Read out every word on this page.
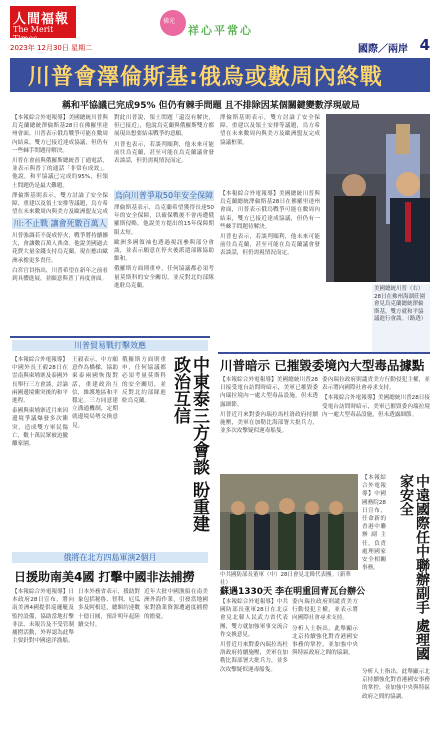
人間福報
The Merit Times
2023年 12月30日 星期二
佛光
祥心平常心
國際／兩岸 4
川普會澤倫斯基:俄烏或數周內終戰
稱和平協議已完成95% 但仍有棘手問題 且不排除因某個關鍵變數浮現破局

【本報綜合外電報導】美國總統川普與烏克蘭總統澤倫斯基28日在佛羅里達州會面，川普表示俄烏戰爭可能在數周內結束，雙方已接近達成協議，但仍有一些棘手問題待解決。

川普在會前與俄羅斯總統普丁通電話，並表示與普丁的通話「非常有成效」。他說，和平協議已完成約95%，但領土問題仍是最大難題。

澤倫斯基則表示，雙方討論了安全保障、重建以及領土安排等議題，烏方希望在未來數周內與美方及歐洲盟友完成

對此川普說，領土問題「還沒有解決，但已接近」，他說烏克蘭與俄羅斯雙方都展現出想要結束戰爭的意願。

川普也表示，若談判順利，他未來可能前往烏克蘭，甚至可能在烏克蘭議會發表談話，但仍需視情況而定。

澤倫斯基則表示，雙方討論了安全保障、重建以及領土安排等議題，烏方希望在未來數周內與美方及歐洲盟友完成協議框架。

川:不止戰 讓會死數百萬人

川普強調若不促成停火，戰爭將持續擴大，會讓數百萬人喪命。他說美國過去花費大量金錢支持烏克蘭，現在應由歐洲承擔更多責任。

白宮官員指出，川普希望在新年之前看到具體進展，並願意與普丁再度會面。

烏向川普爭取50年安全保障

澤倫斯基表示，烏克蘭希望獲得長達50年的安全保障，以確保戰後不會再遭俄羅斯侵略。他說美方提出的15年保障期限太短。

歐洲多國領袖也透過視訊參與部分會談，並表示願意在停火後派遣部隊協助維和。

俄羅斯方面則重申，任何協議都必須考量莫斯科的安全關切，並反對北約部隊進駐烏克蘭。

【本報綜合外電報導】美國總統川普與烏克蘭總統澤倫斯基28日在佛羅里達州會面，川普表示俄烏戰爭可能在數周內結束，雙方已接近達成協議，但仍有一些棘手問題待解決。

川普也表示，若談判順利，他未來可能前往烏克蘭，甚至可能在烏克蘭議會發表談話，但仍需視情況而定。

美國總統川普（右）28日在佛州海湖莊園會見烏克蘭總統澤倫斯基，雙方就和平協議進行會談。（路透）
川普貿易戰打擊效應
中東泰三方會談 盼重建政治互信

【本報綜合外電報導】中國外長王毅28日在雲南與柬埔寨及泰國外長舉行三方會談，討論兩國邊境衝突後的和平進程。

泰國與柬埔寨近月來因邊境爭議爆發多次衝突，造成雙方軍民傷亡，數十萬民眾被迫撤離家園。

王毅表示，中方願意作為橋樑，協助柬泰兩國恢復對話，重建政治互信，維護地區和平穩定。三方同意建立溝通機制，定期就邊境局勢交換意見。

俄羅斯方面則重申，任何協議都必須考量莫斯科的安全關切，並反對北約部隊進駐烏克蘭。

俄將在北方四島軍演2個月
日援助南美4國 打擊中國非法捕撈

【本報綜合外電報導】日本政府28日宣布，將向南美洲4國提供巡邏艇及監控設備，協助當地打擊非法、未報告及不受管制捕撈活動，外界認為此舉主要針對中國遠洋漁船。

日本外務省表示，援助對象包括秘魯、智利、厄瓜多及阿根廷，總額約達數十億日圓，預計明年起陸續交付。

近年大批中國漁船在南美洲外海作業，引發當地國家對漁業資源遭過度捕撈的擔憂。

川普暗示 已摧毀委境內大型毒品據點

【本報綜合外電報導】美國總統川普28日接受電台訪問時暗示，美軍已摧毀委內瑞拉境內一處大型毒品設施，但未透露細節。

川普近月來對委內瑞拉馬杜洛政府持續施壓，美軍在加勒比海部署大批兵力，並多次攻擊疑似運毒船隻。

委內瑞拉政府則譴責美方行動侵犯主權，並表示將向國際社會尋求支持。

【本報綜合外電報導】美國總統川普28日接受電台訪問時暗示，美軍已摧毀委內瑞拉境內一處大型毒品設施，但未透露細節。

中共國防部長董軍（中）28日會見北韓代表團。（新華社）
蘇遇1330天 李在明重回青瓦台辦公

【本報綜合外電報導】中共國防部長董軍28日在北京會見北韓人民武力省代表團，雙方就加強軍事交流合作交換意見。

川普近月來對委內瑞拉馬杜洛政府持續施壓，美軍在加勒比海部署大批兵力，並多次攻擊疑似運毒船隻。

委內瑞拉政府則譴責美方行動侵犯主權，並表示將向國際社會尋求支持。

分析人士指出，此舉顯示北京持續強化對香港國安事務的掌控，並加強中央與特區政府之間的協調。	中遠國際任中聯辦副手 處理國家安全

【本報綜合外電報導】中國國務院28日宣布，任命新的香港中聯辦副主任，負責處理國家安全相關事務。

分析人士指出，此舉顯示北京持續強化對香港國安事務的掌控，並加強中央與特區政府之間的協調。
